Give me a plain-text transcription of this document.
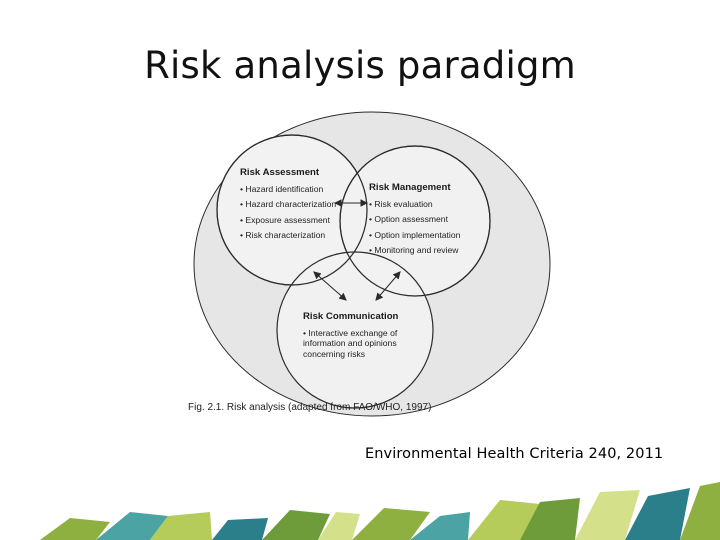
Risk analysis paradigm
Risk Assessment
• Hazard identification
• Hazard characterization
• Exposure assessment
• Risk characterization
Risk Management
• Risk evaluation
• Option assessment
• Option implementation
• Monitoring and review
Risk Communication
• Interactive exchange of information and opinions concerning risks
Fig. 2.1. Risk analysis (adapted from FAO/WHO, 1997)
Environmental Health Criteria 240, 2011
